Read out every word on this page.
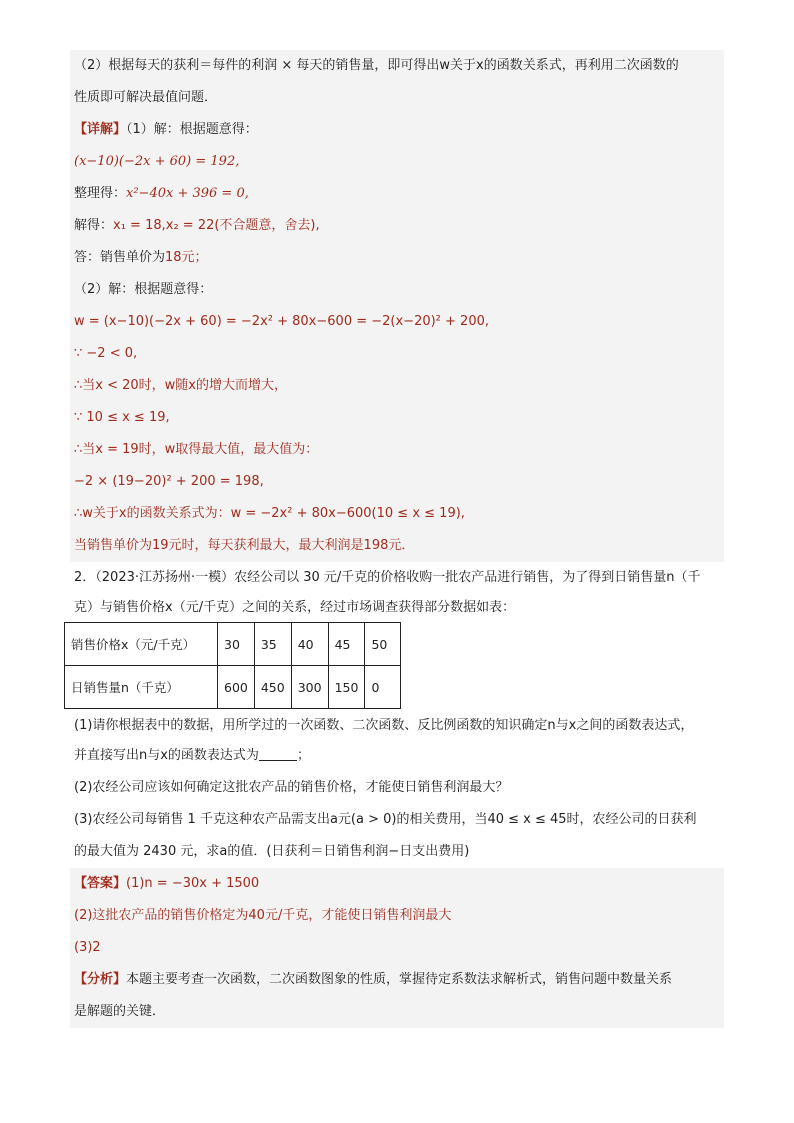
（2）根据每天的获利＝每件的利润 × 每天的销售量，即可得出w关于x的函数关系式，再利用二次函数的
性质即可解决最值问题．
【详解】（1）解：根据题意得：
(x−10)(−2x + 60) = 192,
整理得：x²−40x + 396 = 0,
解得：x₁ = 18,x₂ = 22(不合题意，舍去),
答：销售单价为18元；
（2）解：根据题意得：
w = (x−10)(−2x + 60) = −2x² + 80x−600 = −2(x−20)² + 200,
∵ −2 < 0,
∴当x < 20时，w随x的增大而增大，
∵ 10 ≤ x ≤ 19,
∴当x = 19时，w取得最大值，最大值为：
−2 × (19−20)² + 200 = 198,
∴w关于x的函数关系式为：w = −2x² + 80x−600(10 ≤ x ≤ 19),
当销售单价为19元时，每天获利最大，最大利润是198元．
2．（2023·江苏扬州·一模）农经公司以 30 元/千克的价格收购一批农产品进行销售，为了得到日销售量n（千
克）与销售价格x（元/千克）之间的关系，经过市场调查获得部分数据如表：
销售价格x（元/千克）	30	35	40	45	50
日销售量n（千克）	600	450	300	150	0
(1)请你根据表中的数据，用所学过的一次函数、二次函数、反比例函数的知识确定n与x之间的函数表达式，
并直接写出n与x的函数表达式为	；
(2)农经公司应该如何确定这批农产品的销售价格，才能使日销售利润最大？
(3)农经公司每销售 1 千克这种农产品需支出a元(a > 0)的相关费用，当40 ≤ x ≤ 45时，农经公司的日获利
的最大值为 2430 元，求a的值．(日获利＝日销售利润−日支出费用)
【答案】(1)n = −30x + 1500
(2)这批农产品的销售价格定为40元/千克，才能使日销售利润最大
(3)2
【分析】本题主要考查一次函数，二次函数图象的性质，掌握待定系数法求解析式，销售问题中数量关系
是解题的关键．
